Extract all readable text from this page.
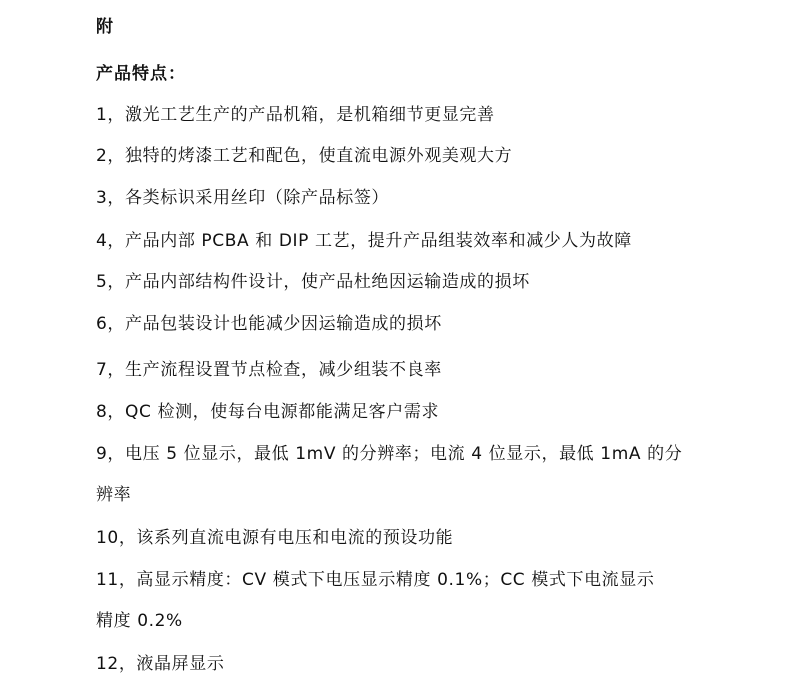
附
产品特点：
1，激光工艺生产的产品机箱，是机箱细节更显完善
2，独特的烤漆工艺和配色，使直流电源外观美观大方
3，各类标识采用丝印（除产品标签）
4，产品内部 PCBA 和 DIP 工艺，提升产品组装效率和减少人为故障
5，产品内部结构件设计，使产品杜绝因运输造成的损坏
6，产品包装设计也能减少因运输造成的损坏
7，生产流程设置节点检查，减少组装不良率
8，QC 检测，使每台电源都能满足客户需求
9，电压 5 位显示，最低 1mV 的分辨率；电流 4 位显示，最低 1mA 的分
辨率
10，该系列直流电源有电压和电流的预设功能
11，高显示精度：CV 模式下电压显示精度 0.1%；CC 模式下电流显示
精度 0.2%
12，液晶屏显示
